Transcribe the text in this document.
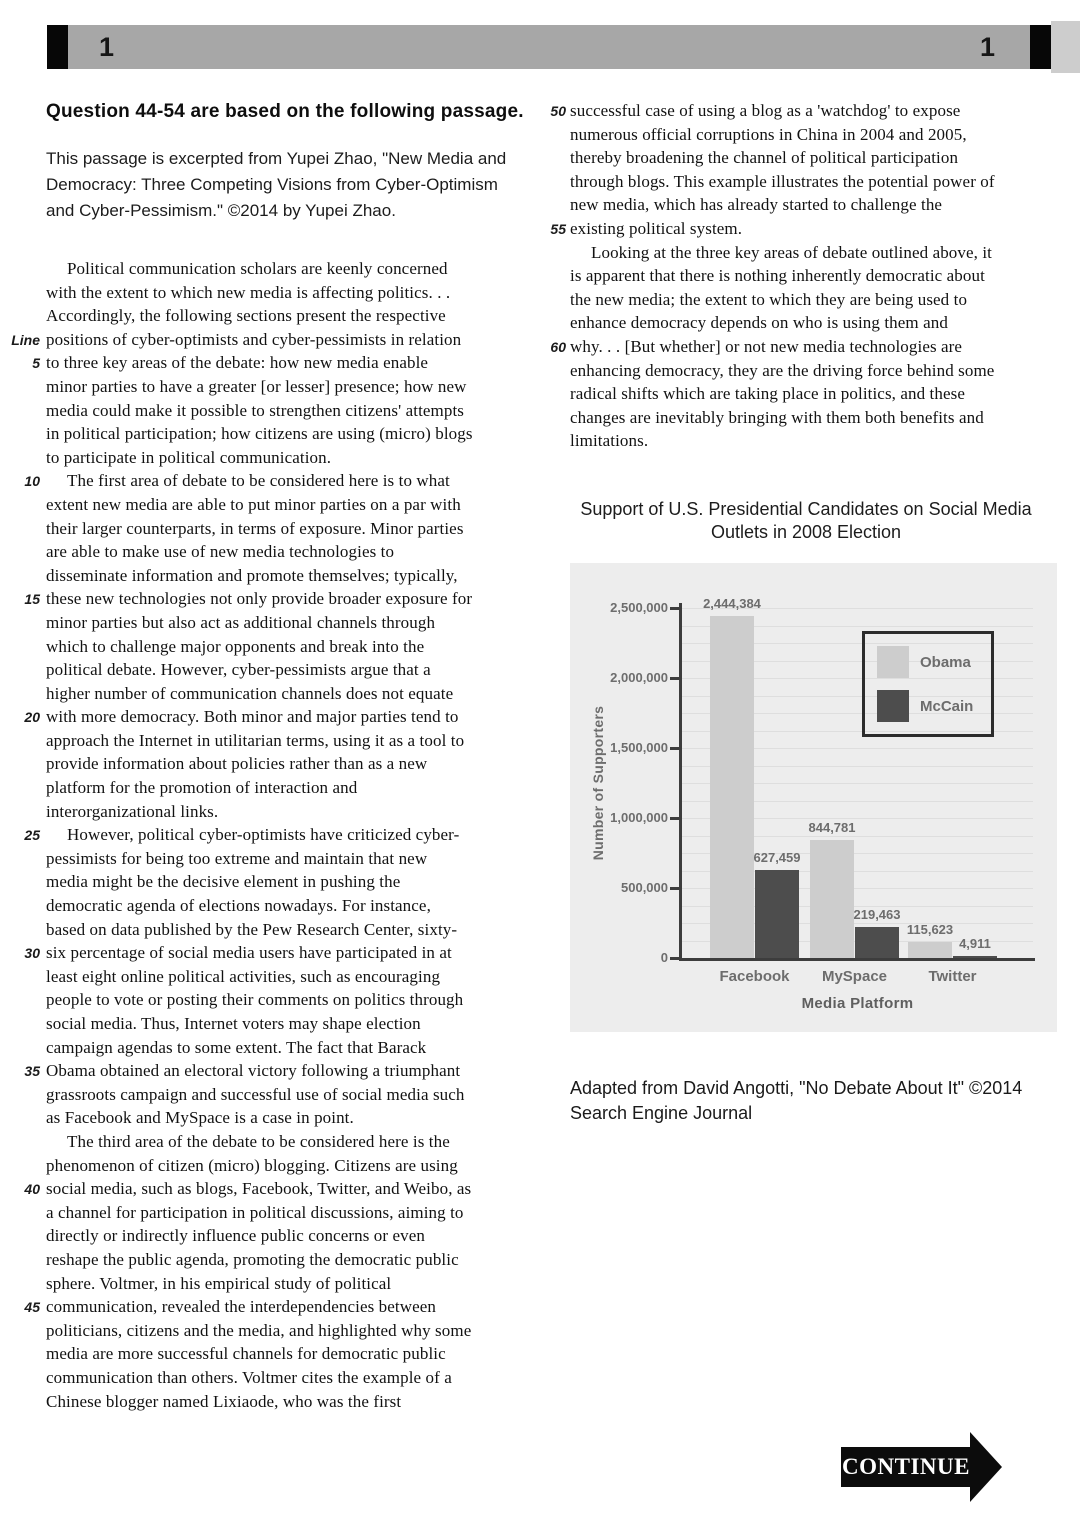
1	1
Question 44-54 are based on the following passage.

This passage is excerpted from Yupei Zhao, "New Media and
Democracy: Three Competing Visions from Cyber-Optimism
and Cyber-Pessimism." ©2014 by Yupei Zhao.

Political communication scholars are keenly concerned
with the extent to which new media is affecting politics. . .
Accordingly, the following sections present the respective
Line positions of cyber-optimists and cyber-pessimists in relation
5 to three key areas of the debate: how new media enable
minor parties to have a greater [or lesser] presence; how new
media could make it possible to strengthen citizens' attempts
in political participation; how citizens are using (micro) blogs
to participate in political communication.
10	The first area of debate to be considered here is to what
extent new media are able to put minor parties on a par with
their larger counterparts, in terms of exposure. Minor parties
are able to make use of new media technologies to
disseminate information and promote themselves; typically,
15 these new technologies not only provide broader exposure for
minor parties but also act as additional channels through
which to challenge major opponents and break into the
political debate. However, cyber-pessimists argue that a
higher number of communication channels does not equate
20 with more democracy. Both minor and major parties tend to
approach the Internet in utilitarian terms, using it as a tool to
provide information about policies rather than as a new
platform for the promotion of interaction and
interorganizational links.
25	However, political cyber-optimists have criticized cyber-
pessimists for being too extreme and maintain that new
media might be the decisive element in pushing the
democratic agenda of elections nowadays. For instance,
based on data published by the Pew Research Center, sixty-
30 six percentage of social media users have participated in at
least eight online political activities, such as encouraging
people to vote or posting their comments on politics through
social media. Thus, Internet voters may shape election
campaign agendas to some extent. The fact that Barack
35 Obama obtained an electoral victory following a triumphant
grassroots campaign and successful use of social media such
as Facebook and MySpace is a case in point.
The third area of the debate to be considered here is the
phenomenon of citizen (micro) blogging. Citizens are using
40 social media, such as blogs, Facebook, Twitter, and Weibo, as
a channel for participation in political discussions, aiming to
directly or indirectly influence public concerns or even
reshape the public agenda, promoting the democratic public
sphere. Voltmer, in his empirical study of political
45 communication, revealed the interdependencies between
politicians, citizens and the media, and highlighted why some
media are more successful channels for democratic public
communication than others. Voltmer cites the example of a
Chinese blogger named Lixiaode, who was the first
50 successful case of using a blog as a 'watchdog' to expose
numerous official corruptions in China in 2004 and 2005,
thereby broadening the channel of political participation
through blogs. This example illustrates the potential power of
new media, which has already started to challenge the
55 existing political system.
Looking at the three key areas of debate outlined above, it
is apparent that there is nothing inherently democratic about
the new media; the extent to which they are being used to
enhance democracy depends on who is using them and
60 why. . . [But whether] or not new media technologies are
enhancing democracy, they are the driving force behind some
radical shifts which are taking place in politics, and these
changes are inevitably bringing with them both benefits and
limitations.
Support of U.S. Presidential Candidates on Social Media
Outlets in 2008 Election
2,500,000
2,000,000
1,500,000
1,000,000
500,000
0
2,444,384
627,459
Facebook
844,781
219,463
MySpace
115,623
4,911
Twitter
Number of Supporters
Media Platform
Obama
McCain

Adapted from David Angotti, "No Debate About It" ©2014
Search Engine Journal

CONTINUE
